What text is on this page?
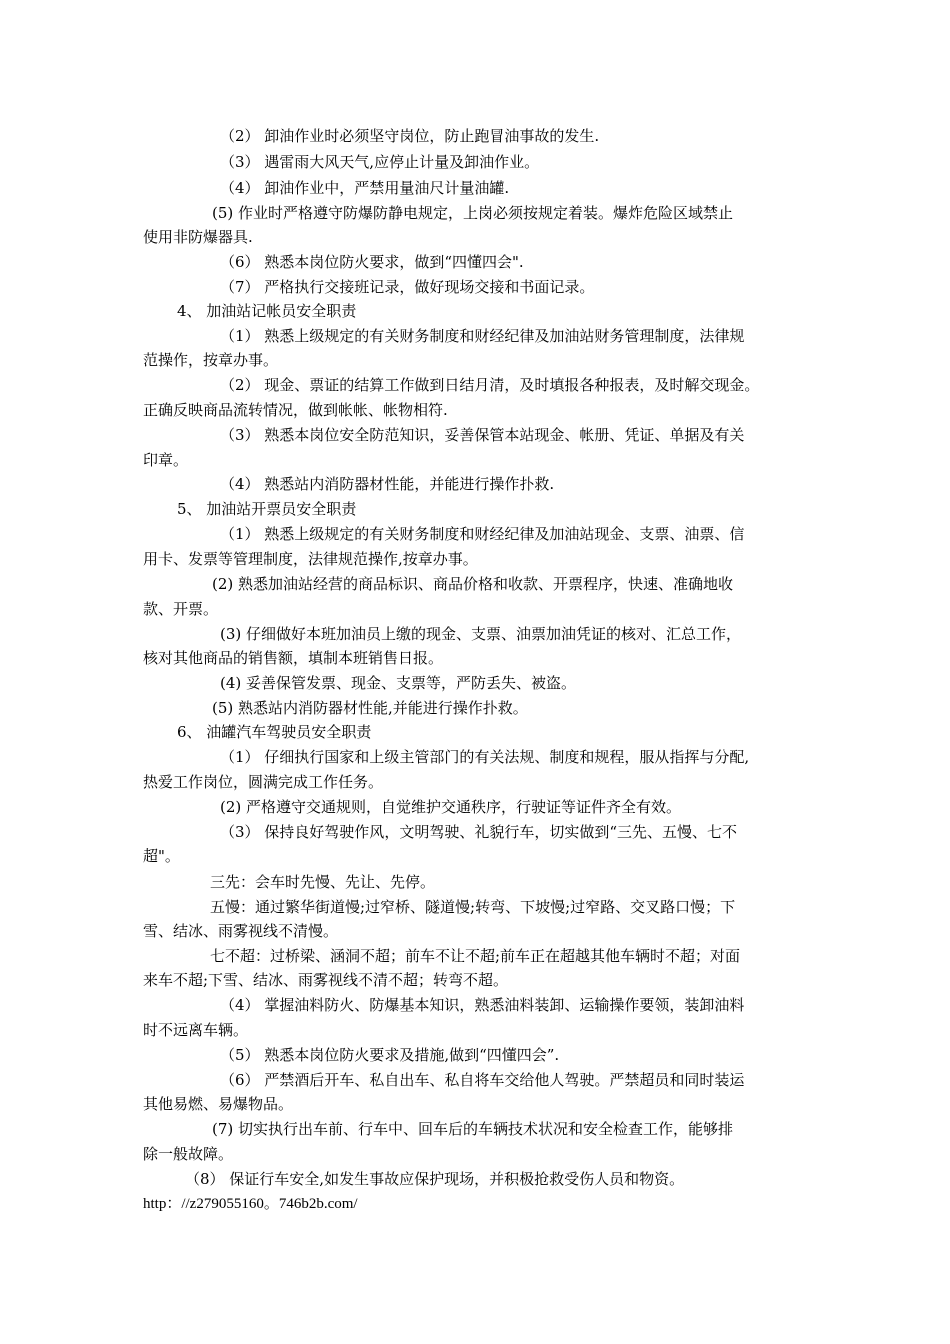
（2） 卸油作业时必须坚守岗位，防止跑冒油事故的发生.
（3） 遇雷雨大风天气,应停止计量及卸油作业。
（4） 卸油作业中，严禁用量油尺计量油罐.
(5) 作业时严格遵守防爆防静电规定，上岗必须按规定着装。爆炸危险区域禁止
使用非防爆器具.
（6） 熟悉本岗位防火要求，做到“四懂四会".
（7） 严格执行交接班记录，做好现场交接和书面记录。
4、 加油站记帐员安全职责
（1） 熟悉上级规定的有关财务制度和财经纪律及加油站财务管理制度，法律规
范操作，按章办事。
（2） 现金、票证的结算工作做到日结月清，及时填报各种报表，及时解交现金。
正确反映商品流转情况，做到帐帐、帐物相符.
（3） 熟悉本岗位安全防范知识，妥善保管本站现金、帐册、凭证、单据及有关
印章。
（4） 熟悉站内消防器材性能，并能进行操作扑救.
5、 加油站开票员安全职责
（1） 熟悉上级规定的有关财务制度和财经纪律及加油站现金、支票、油票、信
用卡、发票等管理制度，法律规范操作,按章办事。
(2) 熟悉加油站经营的商品标识、商品价格和收款、开票程序，快速、准确地收
款、开票。
(3) 仔细做好本班加油员上缴的现金、支票、油票加油凭证的核对、汇总工作，
核对其他商品的销售额，填制本班销售日报。
(4) 妥善保管发票、现金、支票等，严防丢失、被盗。
(5) 熟悉站内消防器材性能,并能进行操作扑救。
6、 油罐汽车驾驶员安全职责
（1） 仔细执行国家和上级主管部门的有关法规、制度和规程，服从指挥与分配,
热爱工作岗位，圆满完成工作任务。
(2) 严格遵守交通规则，自觉维护交通秩序，行驶证等证件齐全有效。
（3） 保持良好驾驶作风，文明驾驶、礼貌行车，切实做到“三先、五慢、七不
超"。
三先：会车时先慢、先让、先停。
五慢：通过繁华街道慢;过窄桥、隧道慢;转弯、下坡慢;过窄路、交叉路口慢；下
雪、结冰、雨雾视线不清慢。
七不超：过桥梁、涵洞不超；前车不让不超;前车正在超越其他车辆时不超；对面
来车不超;下雪、结冰、雨雾视线不清不超；转弯不超。
（4） 掌握油料防火、防爆基本知识，熟悉油料装卸、运输操作要领，装卸油料
时不远离车辆。
（5） 熟悉本岗位防火要求及措施,做到“四懂四会”.
（6） 严禁酒后开车、私自出车、私自将车交给他人驾驶。严禁超员和同时装运
其他易燃、易爆物品。
(7) 切实执行出车前、行车中、回车后的车辆技术状况和安全检查工作，能够排
除一般故障。
（8） 保证行车安全,如发生事故应保护现场，并积极抢救受伤人员和物资。
http：//z279055160。746b2b.com/
